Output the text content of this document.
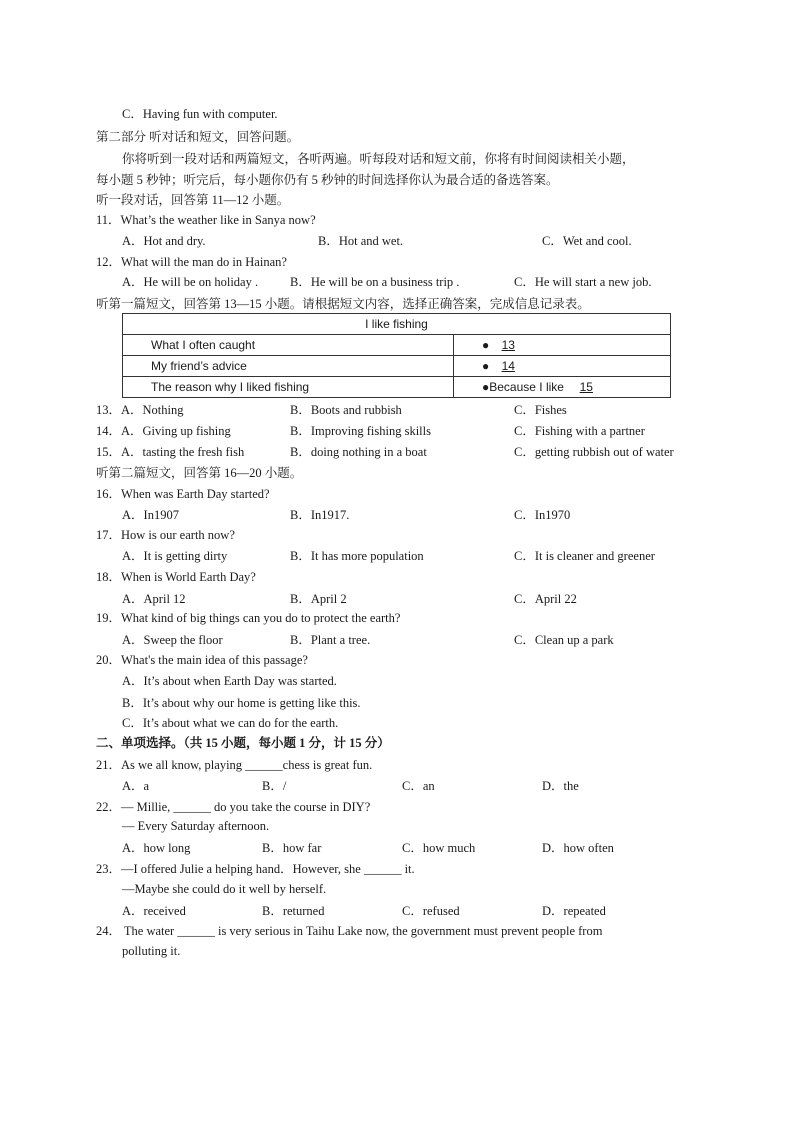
C．Having fun with computer.
第二部分 听对话和短文，回答问题。
你将听到一段对话和两篇短文，各听两遍。听每段对话和短文前，你将有时间阅读相关小题，
每小题 5 秒钟；听完后，每小题你仍有 5 秒钟的时间选择你认为最合适的备选答案。
听一段对话，回答第 11—12 小题。
11．What’s the weather like in Sanya now?
A．Hot and dry.	B．Hot and wet.	C．Wet and cool.
12．What will the man do in Hainan?
A．He will be on holiday .	B．He will be on a business trip .	C．He will start a new job.
听第一篇短文，回答第 13—15 小题。请根据短文内容，选择正确答案，完成信息记录表。
I like fishing	
What I often caught	● 13
My friend’s advice	● 14
The reason why I liked fishing	●Because I like 15
13．A．Nothing	B．Boots and rubbish	C．Fishes
14．A．Giving up fishing	B．Improving fishing skills	C．Fishing with a partner
15．A．tasting the fresh fish	B．doing nothing in a boat	C．getting rubbish out of water
听第二篇短文，回答第 16—20 小题。
16．When was Earth Day started?
A．In1907	B．In1917.	C．In1970
17．How is our earth now?
A．It is getting dirty	B．It has more population	C．It is cleaner and greener
18．When is World Earth Day?
A．April 12	B．April 2	C．April 22
19．What kind of big things can you do to protect the earth?
A．Sweep the floor	B．Plant a tree.	C．Clean up a park
20．What's the main idea of this passage?
A．It’s about when Earth Day was started.
B．It’s about why our home is getting like this.
C．It’s about what we can do for the earth.
二、单项选择。（共 15 小题，每小题 1 分，计 15 分）
21．As we all know, playing ______chess is great fun.
A．a	B．/	C．an	D．the
22．— Millie, ______ do you take the course in DIY?
— Every Saturday afternoon.
A．how long	B．how far	C．how much	D．how often
23．—I offered Julie a helping hand．However, she ______ it.
—Maybe she could do it well by herself.
A．received	B．returned	C．refused	D．repeated
24． The water ______ is very serious in Taihu Lake now, the government must prevent people from
polluting it.
